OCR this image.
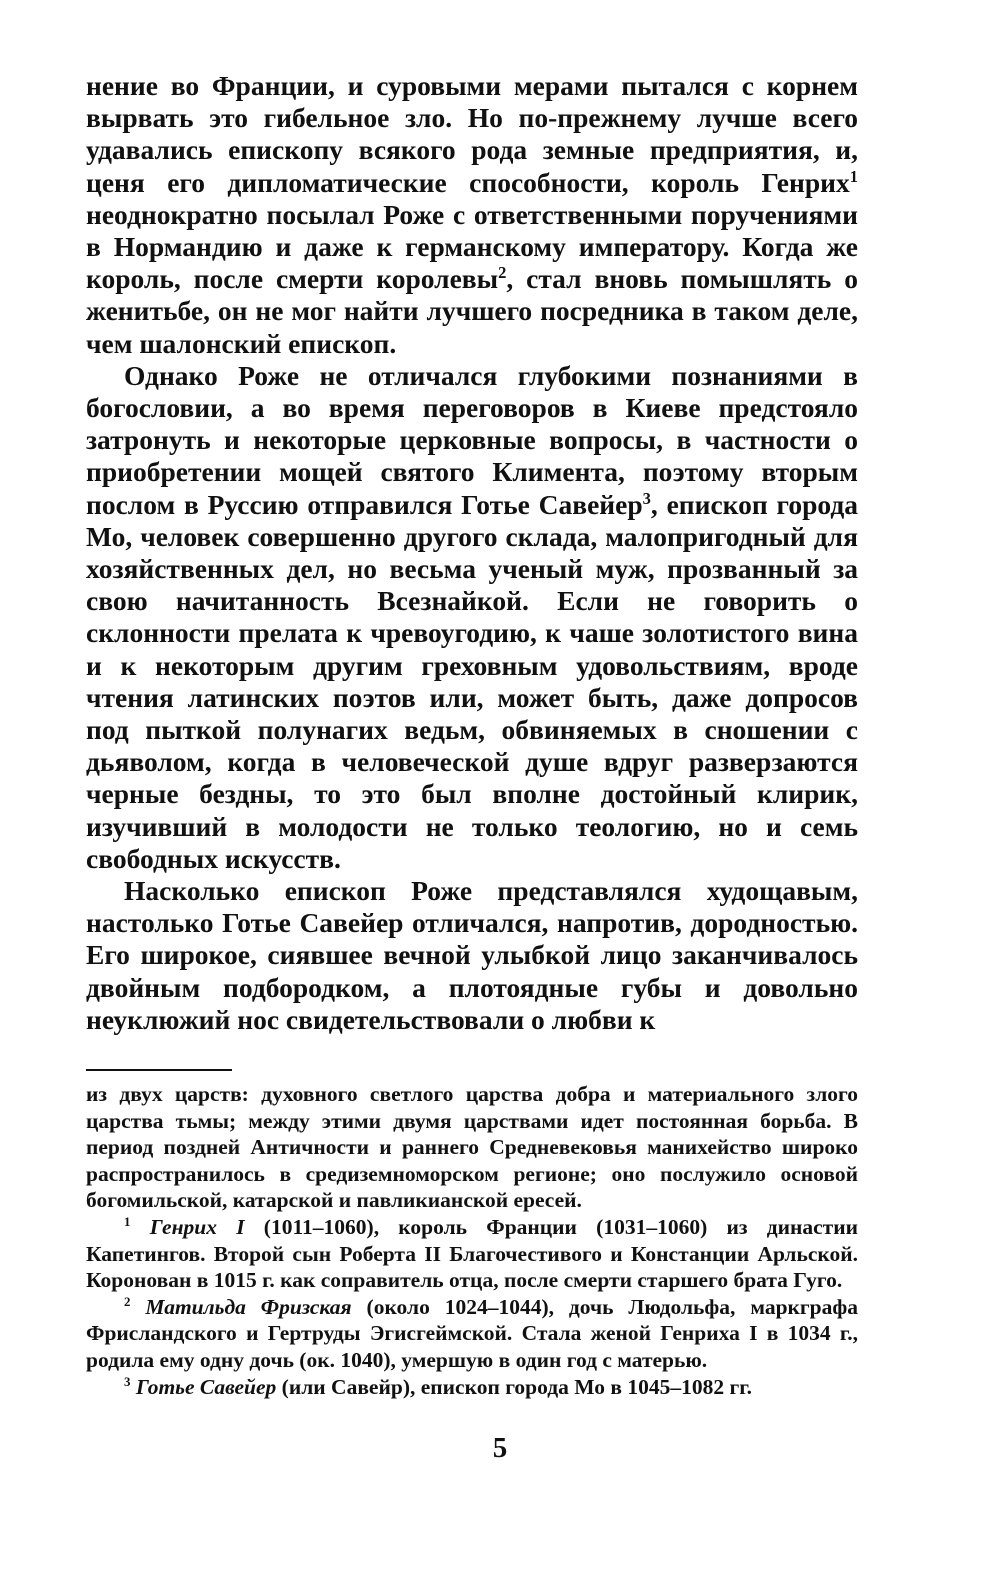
нение во Франции, и суровыми мерами пытался с корнем вырвать это гибельное зло. Но по-прежнему лучше всего удавались епископу всякого рода земные предприятия, и, ценя его дипломатические способности, король Генрих$^1$ неоднократно посылал Роже с ответственными поручениями в Нормандию и даже к германскому императору. Когда же король, после смерти королевы$^2$, стал вновь помышлять о женитьбе, он не мог найти лучшего посредника в таком деле, чем шалонский епископ.

Однако Роже не отличался глубокими познаниями в богословии, а во время переговоров в Киеве предстояло затронуть и некоторые церковные вопросы, в частности о приобретении мощей святого Климента, поэтому вторым послом в Руссию отправился Готье Савейер$^3$, епископ города Мо, человек совершенно другого склада, малопригодный для хозяйственных дел, но весьма ученый муж, прозванный за свою начитанность Всезнайкой. Если не говорить о склонности прелата к чревоугодию, к чаше золотистого вина и к некоторым другим греховным удовольствиям, вроде чтения латинских поэтов или, может быть, даже допросов под пыткой полунагих ведьм, обвиняемых в сношении с дьяволом, когда в человеческой душе вдруг разверзаются черные бездны, то это был вполне достойный клирик, изучивший в молодости не только теологию, но и семь свободных искусств.

Насколько епископ Роже представлялся худощавым, настолько Готье Савейер отличался, напротив, дородностью. Его широкое, сиявшее вечной улыбкой лицо заканчивалось двойным подбородком, а плотоядные губы и довольно неуклюжий нос свидетельствовали о любви к

из двух царств: духовного светлого царства добра и материального злого царства тьмы; между этими двумя царствами идет постоянная борьба. В период поздней Античности и раннего Средневековья манихейство широко распространилось в средиземноморском регионе; оно послужило основой богомильской, катарской и павликианской ересей.

$^1$ Генрих I (1011–1060), король Франции (1031–1060) из династии Капетингов. Второй сын Роберта II Благочестивого и Констанции Арльской. Коронован в 1015 г. как соправитель отца, после смерти старшего брата Гуго.

$^2$ Матильда Фризская (около 1024–1044), дочь Людольфа, маркграфа Фрисландского и Гертруды Эгисгеймской. Стала женой Генриха I в 1034 г., родила ему одну дочь (ок. 1040), умершую в один год с матерью.

$^3$ Готье Савейер (или Савейр), епископ города Мо в 1045–1082 гг.

5
